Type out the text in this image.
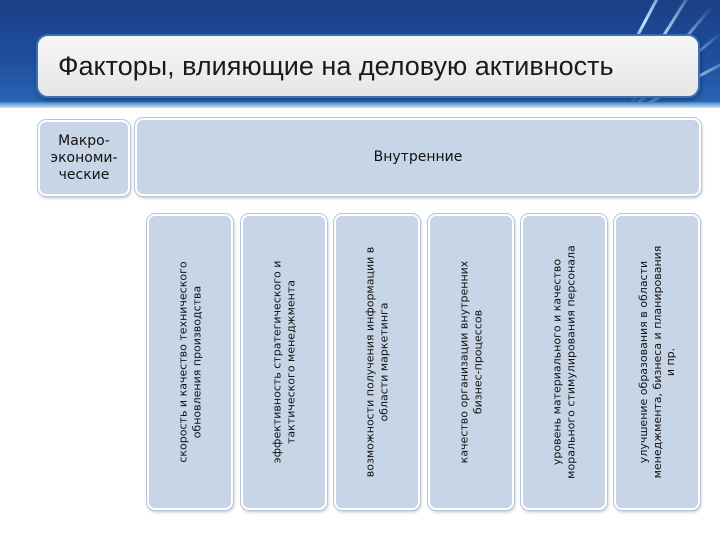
Факторы, влияющие на деловую активность
Макро-
экономи-
ческие
Внутренние
скорость и качество технического
обновления производства
эффективность стратегического и
тактического менеджмента
возможности получения информации в
области маркетинга
качество организации внутренних
бизнес-процессов
уровень материального и качество
морального стимулирования персонала
улучшение образования в области
менеджмента, бизнеса и планирования
и пр.
